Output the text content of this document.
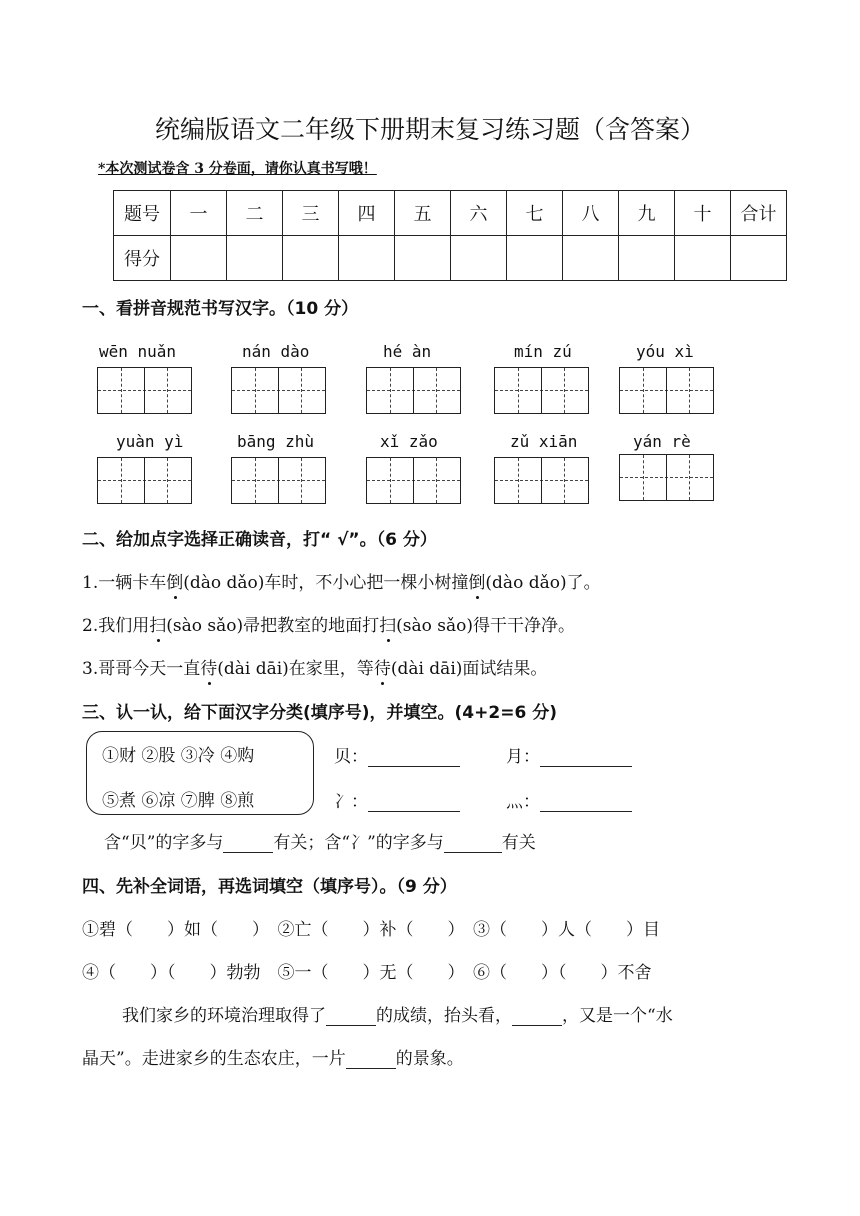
统编版语文二年级下册期末复习练习题（含答案）
*本次测试卷含 3 分卷面，请你认真书写哦！
题号	一	二	三	四	五	六	七	八	九	十	合计
得分											
一、看拼音规范书写汉字。（10 分）
wēn nuǎn	nán dào	hé àn	mín zú	yóu xì
yuàn yì	bāng zhù	xǐ zǎo	zǔ xiān	yán rè
二、给加点字选择正确读音，打“ √”。（6 分）
1.一辆卡车倒(dào dǎo)车时，不小心把一棵小树撞倒(dào dǎo)了。
2.我们用扫(sào sǎo)帚把教室的地面打扫(sào sǎo)得干干净净。
3.哥哥今天一直待(dài dāi)在家里，等待(dài dāi)面试结果。
三、认一认，给下面汉字分类(填序号)，并填空。(4+2=6 分)
①财 ②股 ③冷 ④购
⑤煮 ⑥凉 ⑦脾 ⑧煎
贝：	月：
冫：	灬：
含“贝”的字多与	有关；含“冫”的字多与	有关
四、先补全词语，再选词填空（填序号）。（9 分）
①碧（　　）如（　　）　②亡（　　）补（　　）　③（　　）人（　　）目
④（　　）（　　）勃勃　⑤一（　　）无（　　）　⑥（　　）（　　）不舍
我们家乡的环境治理取得了	的成绩，抬头看，	，又是一个“水
晶天”。走进家乡的生态农庄，一片	的景象。
